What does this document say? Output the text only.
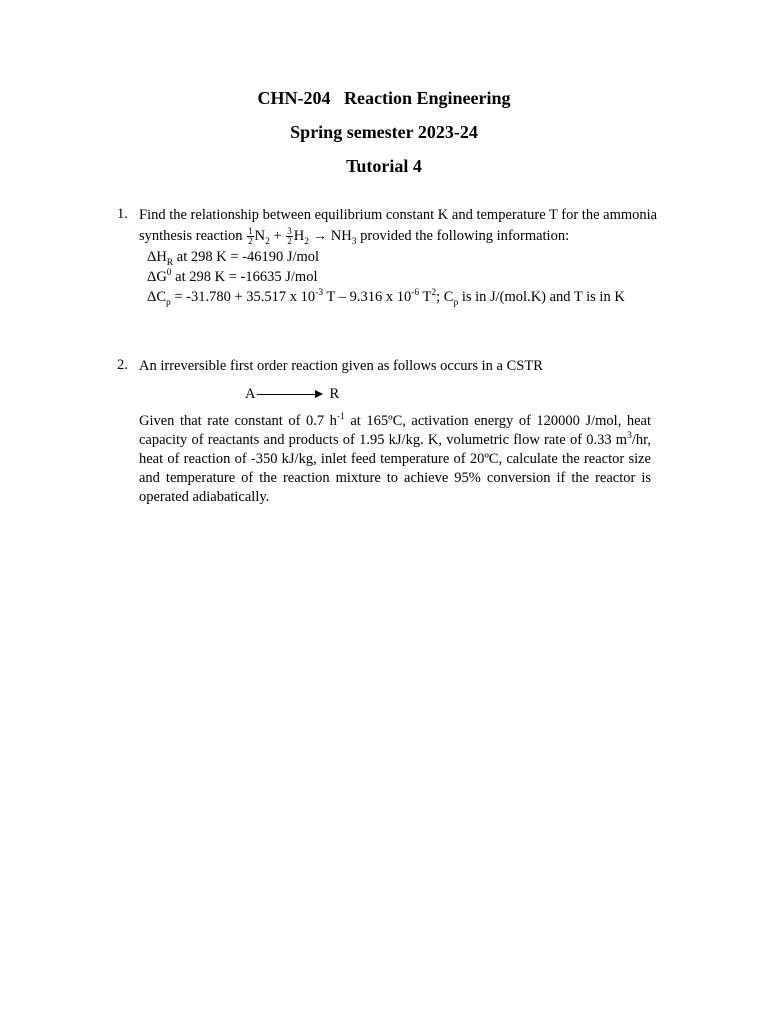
CHN-204   Reaction Engineering
Spring semester 2023-24
Tutorial 4
1. Find the relationship between equilibrium constant K and temperature T for the ammonia
synthesis reaction $\frac{1}{2} N_2 + \frac{3}{2} H_2 \to NH_3$ provided the following information:
$\Delta H_R$ at 298 K = -46190 J/mol
$\Delta G^0$ at 298 K = -16635 J/mol
$\Delta C_p = -31.780 + 35.517$ x $10^{-3}$ T – 9.316 x $10^{-6}$ $T^2$; $C_p$ is in J/(mol.K) and T is in K
2. An irreversible first order reaction given as follows occurs in a CSTR
A	R
Given that rate constant of 0.7 $h^{-1}$ at 165ºC, activation energy of 120000 J/mol, heat capacity of reactants and products of 1.95 kJ/kg. K, volumetric flow rate of 0.33 $m^3/hr$, heat of reaction of -350 kJ/kg, inlet feed temperature of 20ºC, calculate the reactor size and temperature of the reaction mixture to achieve 95% conversion if the reactor is operated adiabatically.
